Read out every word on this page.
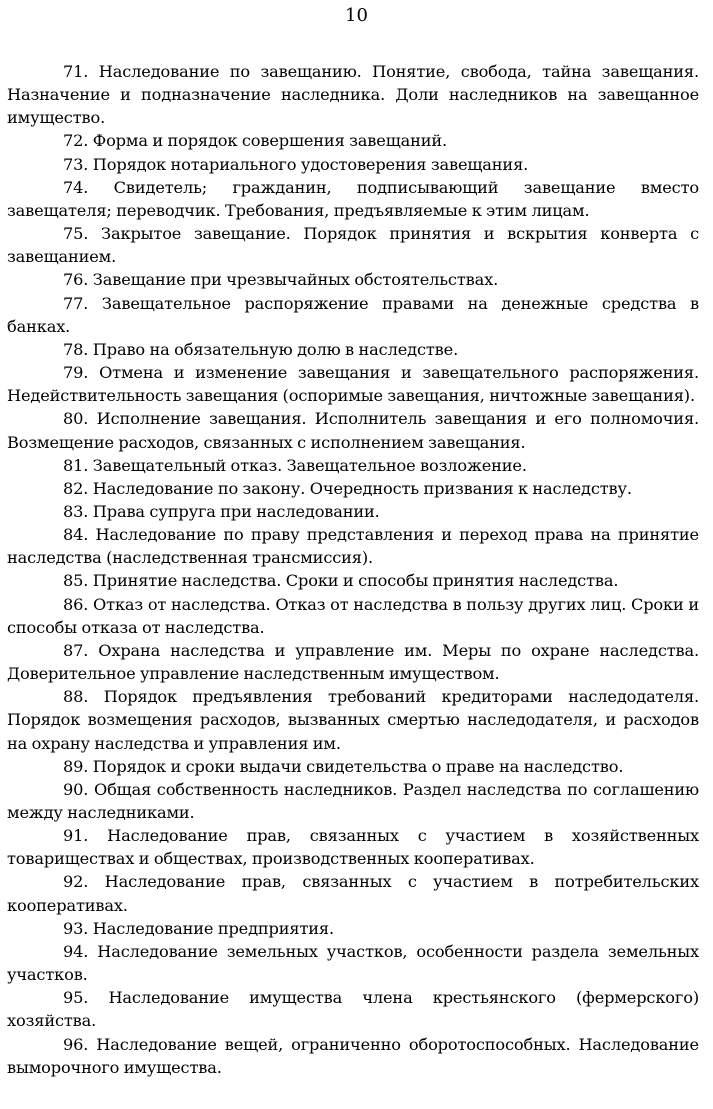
10

71. Наследование по завещанию. Понятие, свобода, тайна завещания. Назначение и подназначение наследника. Доли наследников на завещанное имущество.

72. Форма и порядок совершения завещаний.

73. Порядок нотариального удостоверения завещания.

74. Свидетель; гражданин, подписывающий завещание вместо завещателя; переводчик. Требования, предъявляемые к этим лицам.

75. Закрытое завещание. Порядок принятия и вскрытия конверта с завещанием.

76. Завещание при чрезвычайных обстоятельствах.

77. Завещательное распоряжение правами на денежные средства в банках.

78. Право на обязательную долю в наследстве.

79. Отмена и изменение завещания и завещательного распоряжения. Недействительность завещания (оспоримые завещания, ничтожные завещания).

80. Исполнение завещания. Исполнитель завещания и его полномочия. Возмещение расходов, связанных с исполнением завещания.

81. Завещательный отказ. Завещательное возложение.

82. Наследование по закону. Очередность призвания к наследству.

83. Права супруга при наследовании.

84. Наследование по праву представления и переход права на принятие наследства (наследственная трансмиссия).

85. Принятие наследства. Сроки и способы принятия наследства.

86. Отказ от наследства. Отказ от наследства в пользу других лиц. Сроки и способы отказа от наследства.

87. Охрана наследства и управление им. Меры по охране наследства. Доверительное управление наследственным имуществом.

88. Порядок предъявления требований кредиторами наследодателя. Порядок возмещения расходов, вызванных смертью наследодателя, и расходов на охрану наследства и управления им.

89. Порядок и сроки выдачи свидетельства о праве на наследство.

90. Общая собственность наследников. Раздел наследства по соглашению между наследниками.

91. Наследование прав, связанных с участием в хозяйственных товариществах и обществах, производственных кооперативах.

92. Наследование прав, связанных с участием в потребительских кооперативах.

93. Наследование предприятия.

94. Наследование земельных участков, особенности раздела земельных участков.

95. Наследование имущества члена крестьянского (фермерского) хозяйства.

96. Наследование вещей, ограниченно оборотоспособных. Наследование выморочного имущества.
